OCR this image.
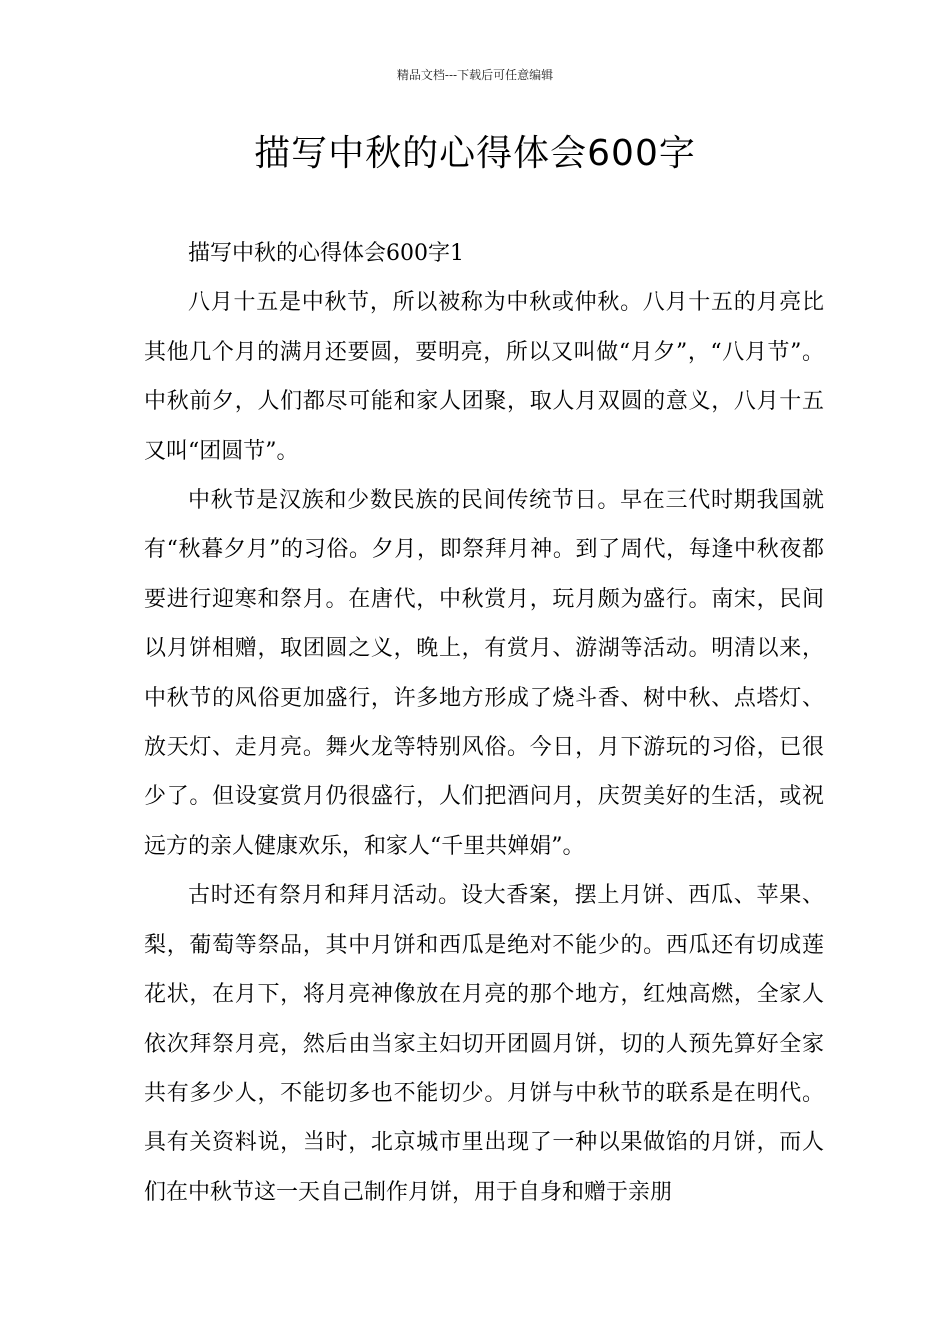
精品文档---下载后可任意编辑
描写中秋的心得体会600字

描写中秋的心得体会600字1

八月十五是中秋节，所以被称为中秋或仲秋。八月十五的月亮比其他几个月的满月还要圆，要明亮，所以又叫做“月夕”，“八月节”。中秋前夕，人们都尽可能和家人团聚，取人月双圆的意义，八月十五又叫“团圆节”。

中秋节是汉族和少数民族的民间传统节日。早在三代时期我国就有“秋暮夕月”的习俗。夕月，即祭拜月神。到了周代，每逢中秋夜都要进行迎寒和祭月。在唐代，中秋赏月，玩月颇为盛行。南宋，民间以月饼相赠，取团圆之义，晚上，有赏月、游湖等活动。明清以来，中秋节的风俗更加盛行，许多地方形成了烧斗香、树中秋、点塔灯、放天灯、走月亮。舞火龙等特别风俗。今日，月下游玩的习俗，已很少了。但设宴赏月仍很盛行，人们把酒问月，庆贺美好的生活，或祝远方的亲人健康欢乐，和家人“千里共婵娟”。

古时还有祭月和拜月活动。设大香案，摆上月饼、西瓜、苹果、梨，葡萄等祭品，其中月饼和西瓜是绝对不能少的。西瓜还有切成莲花状，在月下，将月亮神像放在月亮的那个地方，红烛高燃，全家人依次拜祭月亮，然后由当家主妇切开团圆月饼，切的人预先算好全家共有多少人，不能切多也不能切少。月饼与中秋节的联系是在明代。具有关资料说，当时，北京城市里出现了一种以果做馅的月饼，而人们在中秋节这一天自己制作月饼，用于自身和赠于亲朋
